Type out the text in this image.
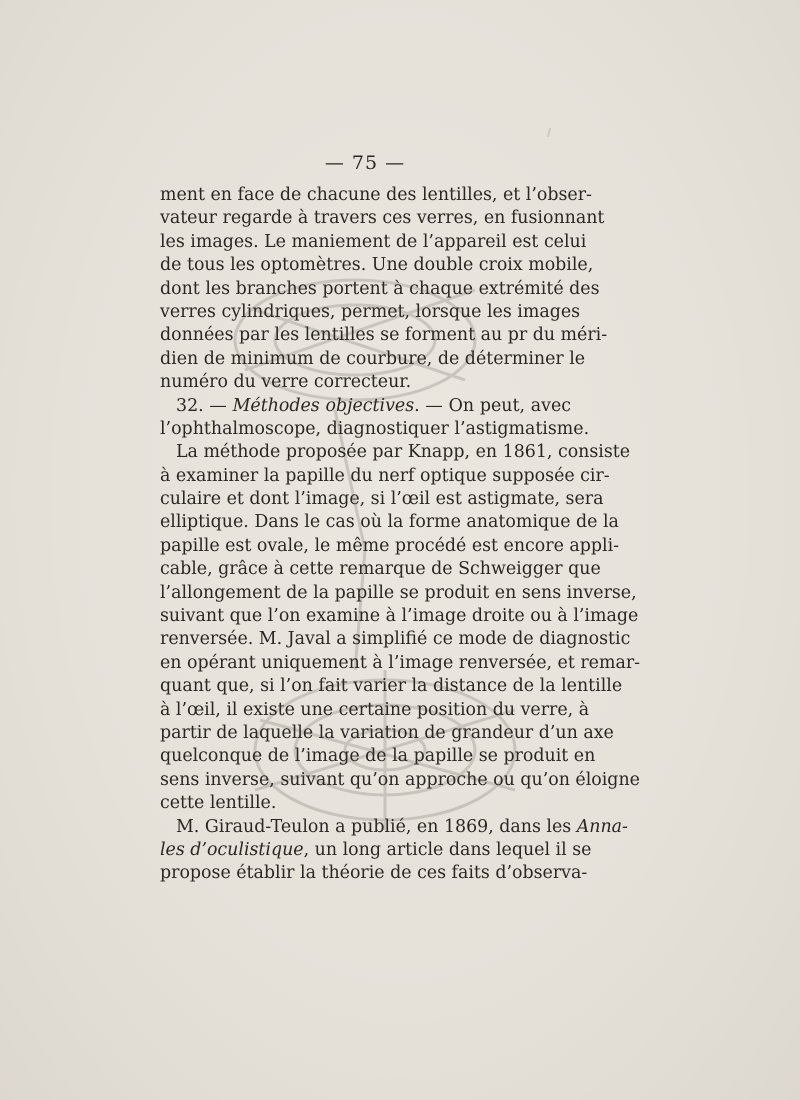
— 75 —
ment en face de chacune des lentilles, et l’obser-
vateur regarde à travers ces verres, en fusionnant
les images. Le maniement de l’appareil est celui
de tous les optomètres. Une double croix mobile,
dont les branches portent à chaque extrémité des
verres cylindriques, permet, lorsque les images
données par les lentilles se forment au pr du méri-
dien de minimum de courbure, de déterminer le
numéro du verre correcteur.
32. — Méthodes objectives. — On peut, avec
l’ophthalmoscope, diagnostiquer l’astigmatisme.
La méthode proposée par Knapp, en 1861, consiste
à examiner la papille du nerf optique supposée cir-
culaire et dont l’image, si l’œil est astigmate, sera
elliptique. Dans le cas où la forme anatomique de la
papille est ovale, le même procédé est encore appli-
cable, grâce à cette remarque de Schweigger que
l’allongement de la papille se produit en sens inverse,
suivant que l’on examine à l’image droite ou à l’image
renversée. M. Javal a simplifié ce mode de diagnostic
en opérant uniquement à l’image renversée, et remar-
quant que, si l’on fait varier la distance de la lentille
à l’œil, il existe une certaine position du verre, à
partir de laquelle la variation de grandeur d’un axe
quelconque de l’image de la papille se produit en
sens inverse, suivant qu’on approche ou qu’on éloigne
cette lentille.
M. Giraud-Teulon a publié, en 1869, dans les Anna-
les d’oculistique, un long article dans lequel il se
propose établir la théorie de ces faits d’observa-
